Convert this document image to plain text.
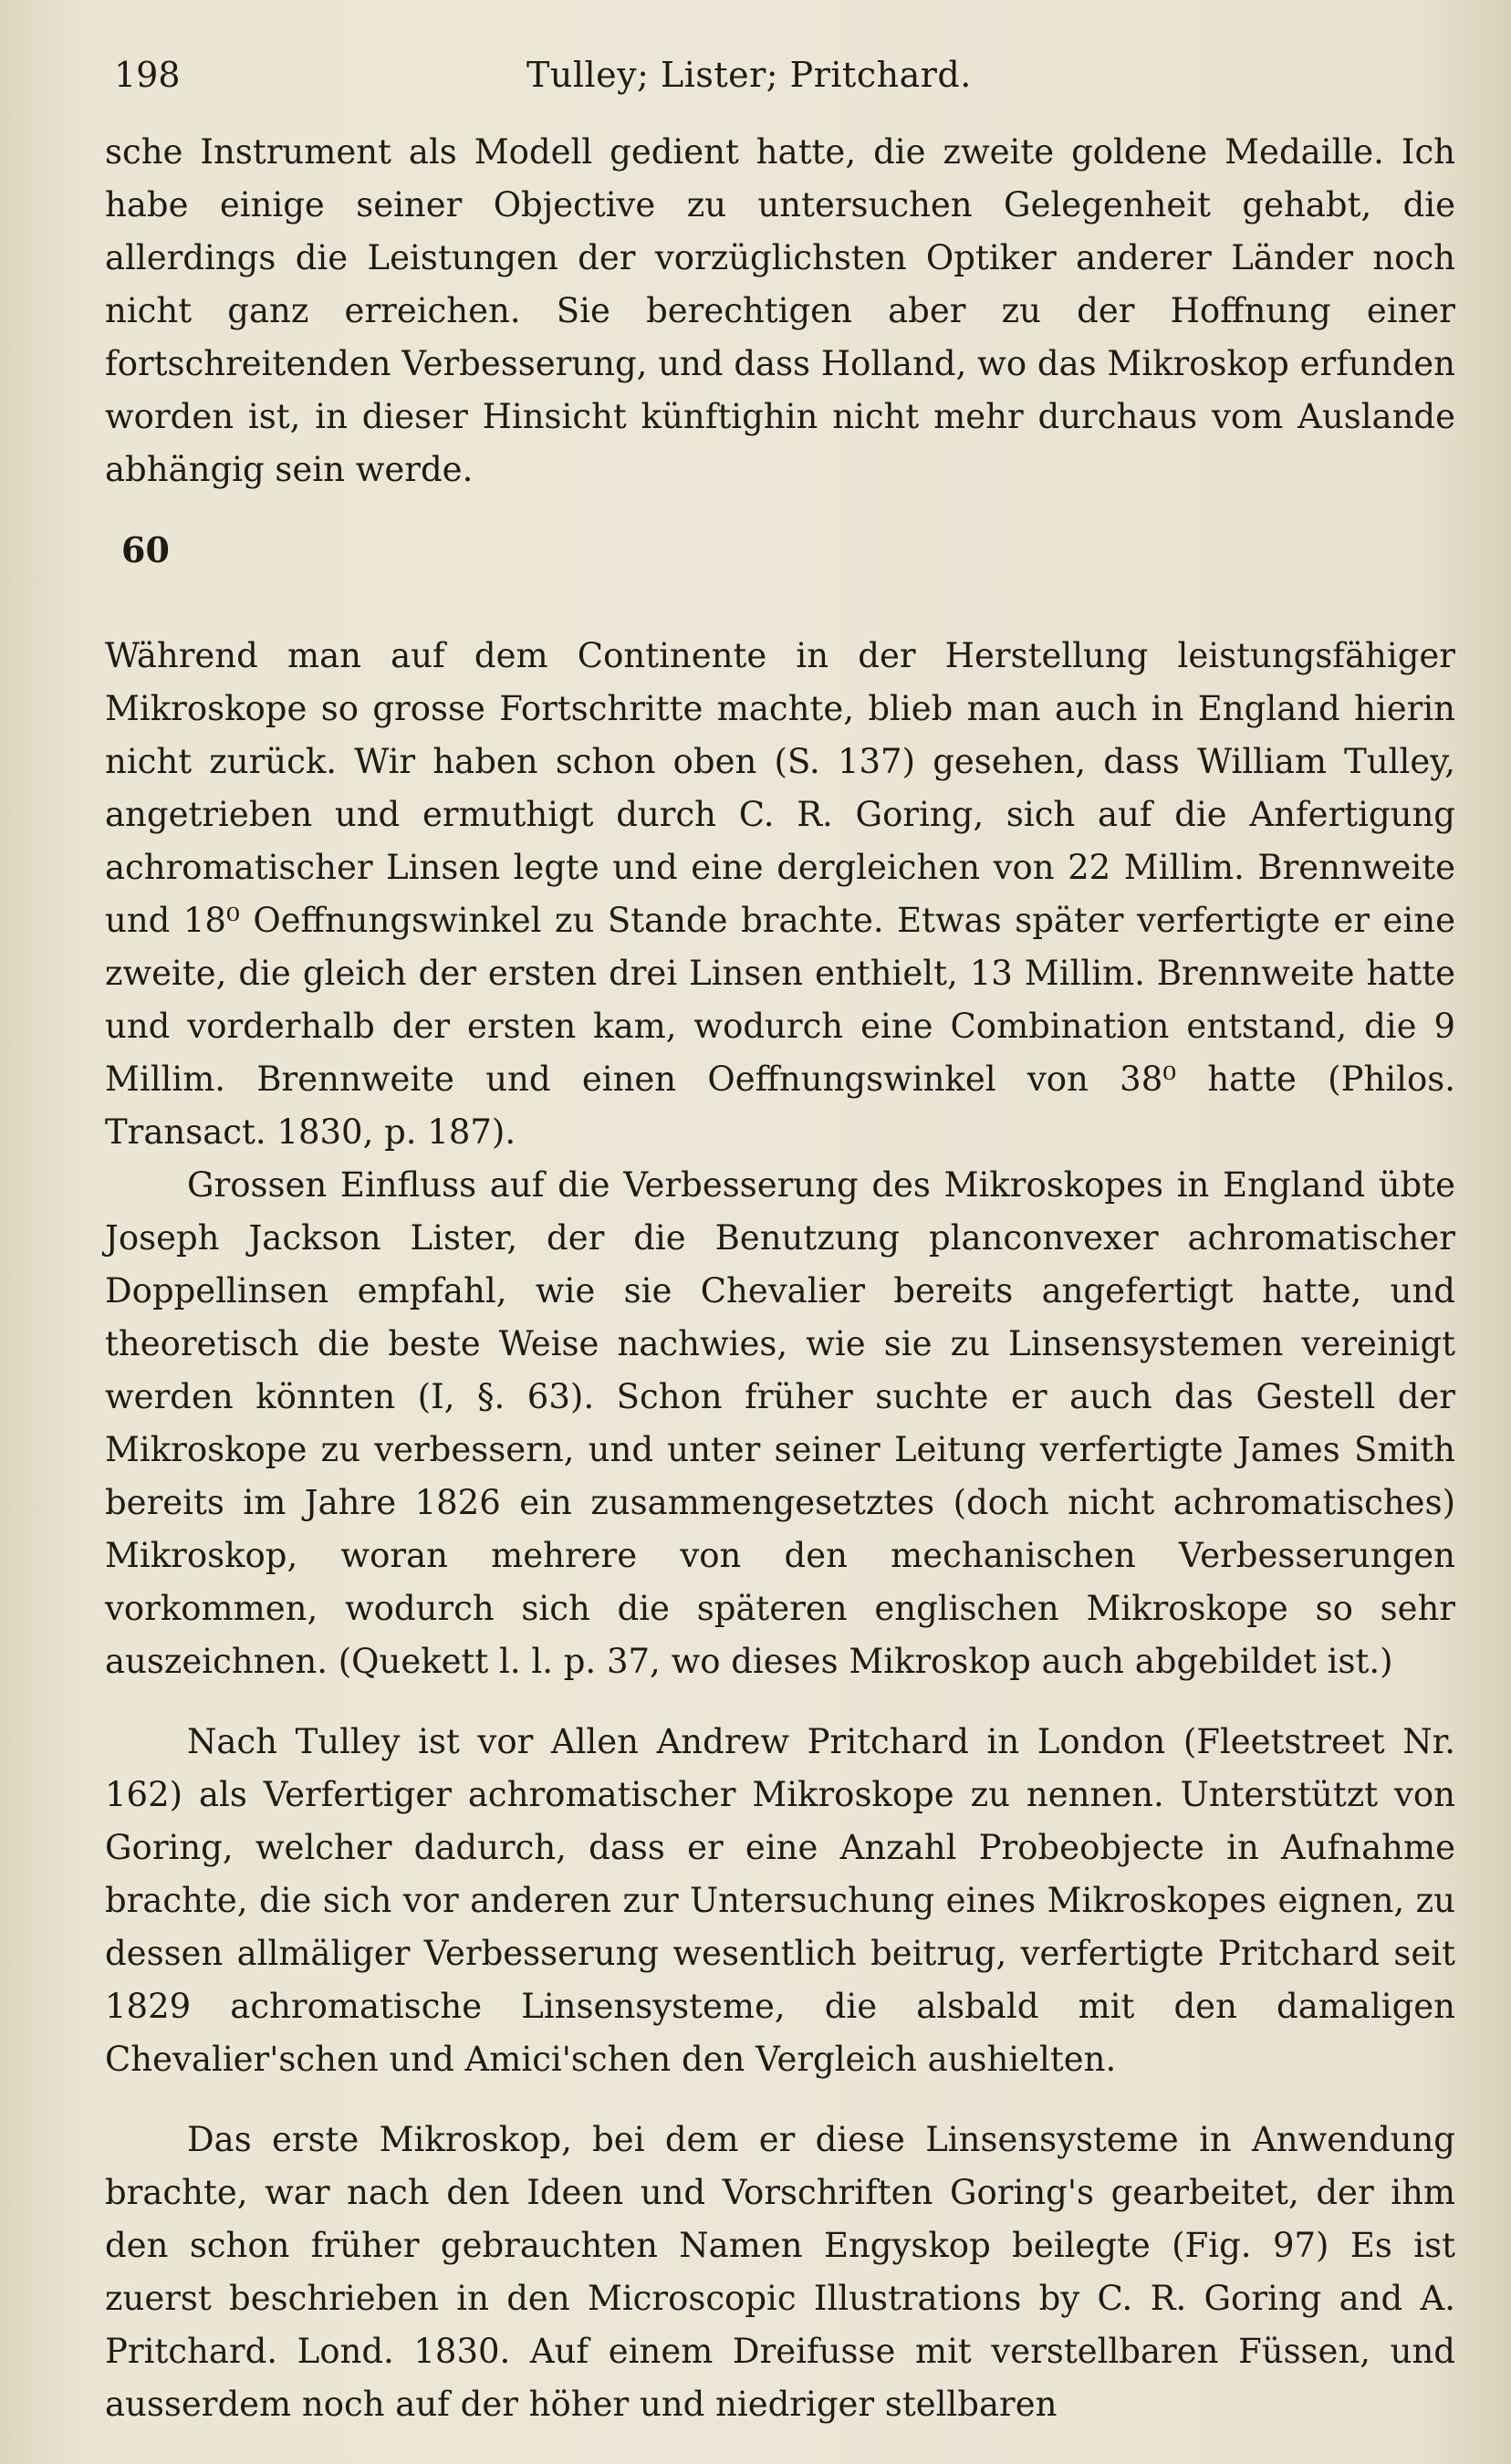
198	Tulley; Lister; Pritchard.

sche Instrument als Modell gedient hatte, die zweite goldene Medaille. Ich habe einige seiner Objective zu untersuchen Gelegenheit gehabt, die allerdings die Leistungen der vorzüglichsten Optiker anderer Länder noch nicht ganz erreichen. Sie berechtigen aber zu der Hoffnung einer fortschreitenden Verbesserung, und dass Holland, wo das Mikroskop erfunden worden ist, in dieser Hinsicht künftighin nicht mehr durchaus vom Auslande abhängig sein werde.

60

Während man auf dem Continente in der Herstellung leistungsfähiger Mikroskope so grosse Fortschritte machte, blieb man auch in England hierin nicht zurück. Wir haben schon oben (S. 137) gesehen, dass William Tulley, angetrieben und ermuthigt durch C. R. Goring, sich auf die Anfertigung achromatischer Linsen legte und eine dergleichen von 22 Millim. Brennweite und 18⁰ Oeffnungswinkel zu Stande brachte. Etwas später verfertigte er eine zweite, die gleich der ersten drei Linsen enthielt, 13 Millim. Brennweite hatte und vorderhalb der ersten kam, wodurch eine Combination entstand, die 9 Millim. Brennweite und einen Oeffnungswinkel von 38⁰ hatte (Philos. Transact. 1830, p. 187).

Grossen Einfluss auf die Verbesserung des Mikroskopes in England übte Joseph Jackson Lister, der die Benutzung planconvexer achromatischer Doppellinsen empfahl, wie sie Chevalier bereits angefertigt hatte, und theoretisch die beste Weise nachwies, wie sie zu Linsensystemen vereinigt werden könnten (I, §. 63). Schon früher suchte er auch das Gestell der Mikroskope zu verbessern, und unter seiner Leitung verfertigte James Smith bereits im Jahre 1826 ein zusammengesetztes (doch nicht achromatisches) Mikroskop, woran mehrere von den mechanischen Verbesserungen vorkommen, wodurch sich die späteren englischen Mikroskope so sehr auszeichnen. (Quekett l. l. p. 37, wo dieses Mikroskop auch abgebildet ist.)

Nach Tulley ist vor Allen Andrew Pritchard in London (Fleetstreet Nr. 162) als Verfertiger achromatischer Mikroskope zu nennen. Unterstützt von Goring, welcher dadurch, dass er eine Anzahl Probeobjecte in Aufnahme brachte, die sich vor anderen zur Untersuchung eines Mikroskopes eignen, zu dessen allmäliger Verbesserung wesentlich beitrug, verfertigte Pritchard seit 1829 achromatische Linsensysteme, die alsbald mit den damaligen Chevalier'schen und Amici'schen den Vergleich aushielten.

Das erste Mikroskop, bei dem er diese Linsensysteme in Anwendung brachte, war nach den Ideen und Vorschriften Goring's gearbeitet, der ihm den schon früher gebrauchten Namen Engyskop beilegte (Fig. 97) Es ist zuerst beschrieben in den Microscopic Illustrations by C. R. Goring and A. Pritchard. Lond. 1830. Auf einem Dreifusse mit verstellbaren Füssen, und ausserdem noch auf der höher und niedriger stellbaren
